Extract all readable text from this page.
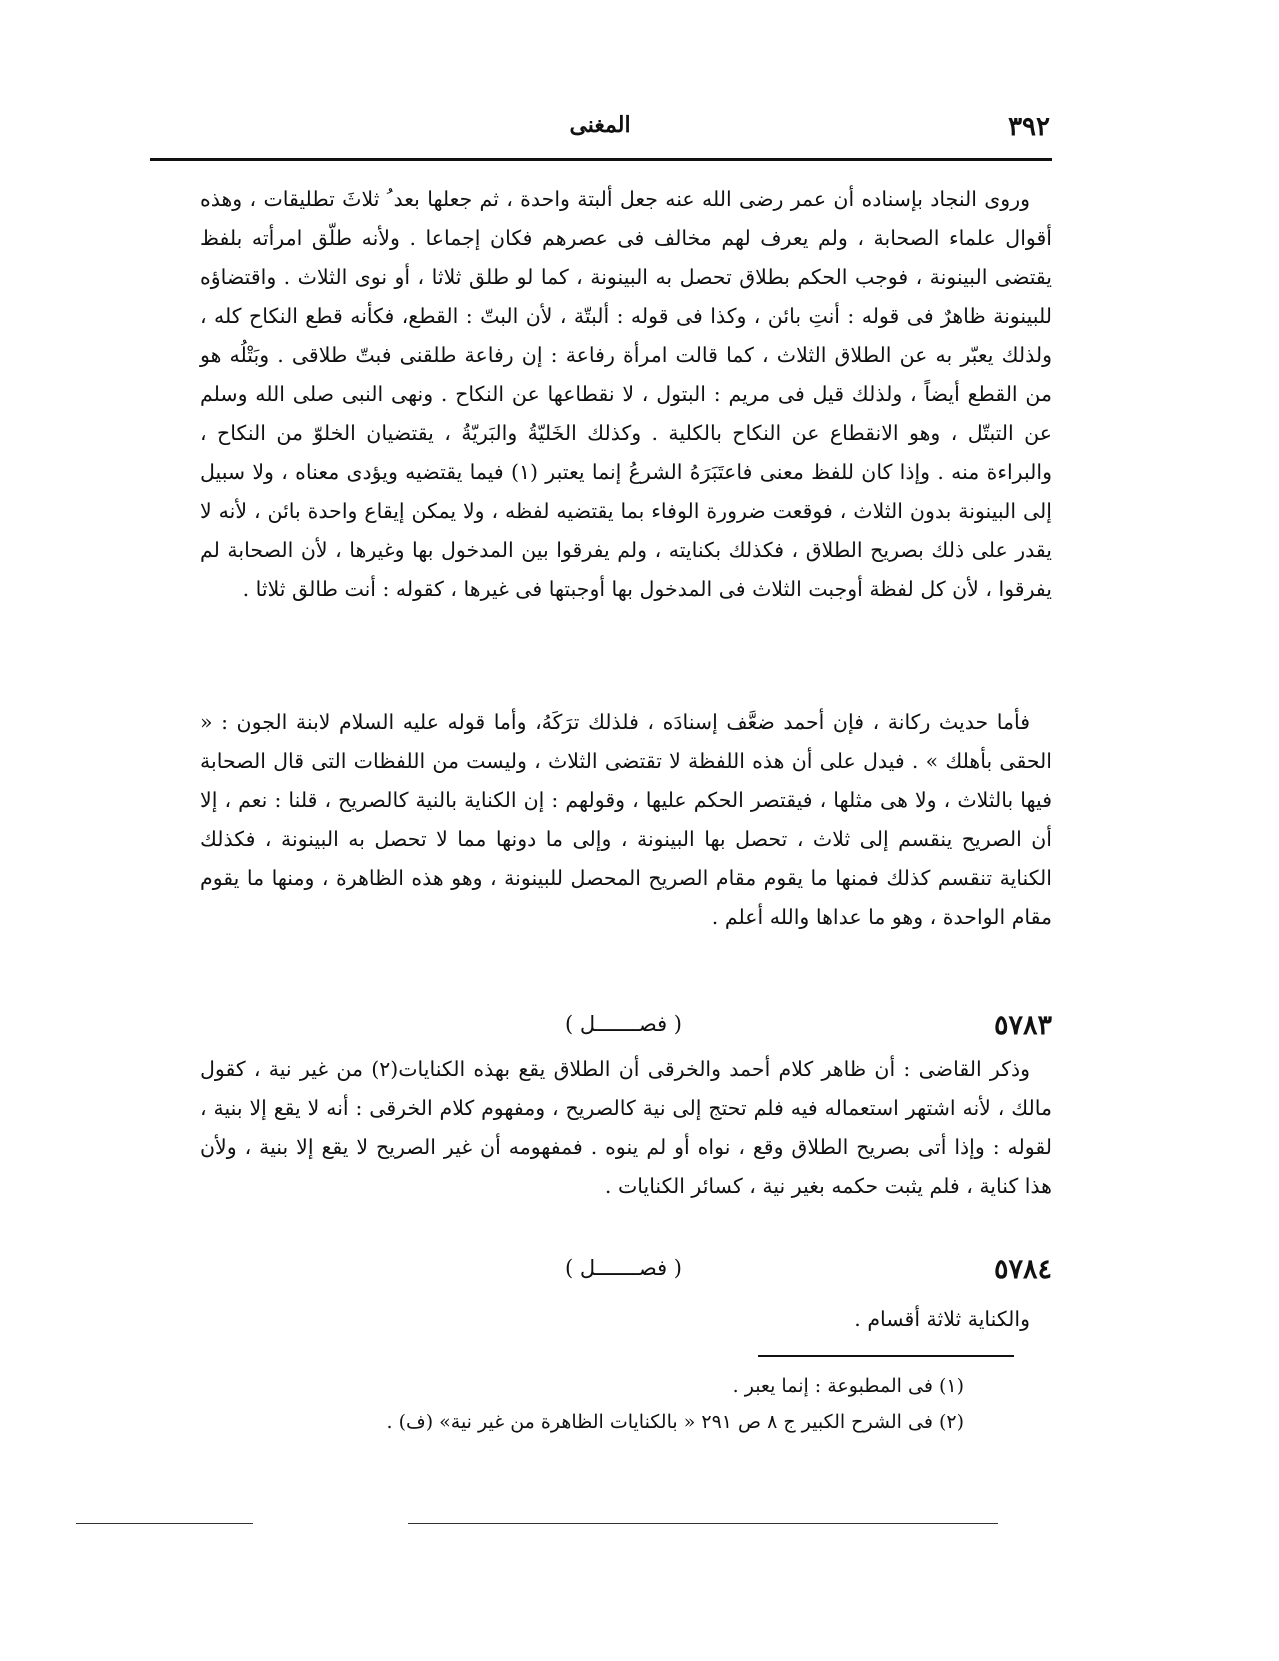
٣٩٢
المغنى

وروى النجاد بإسناده أن عمر رضى الله عنه جعل ألبتة واحدة ، ثم جعلها بعد ُ ثلاثَ تطليقات ، وهذه أقوال علماء الصحابة ، ولم يعرف لهم مخالف فى عصرهم فكان إجماعا . ولأنه طلّق امرأته بلفظ يقتضى البينونة ، فوجب الحكم بطلاق تحصل به البينونة ، كما لو طلق ثلاثا ، أو نوى الثلاث . واقتضاؤه للبينونة ظاهرٌ فى قوله : أنتِ بائن ، وكذا فى قوله : ألبتّة ، لأن البتّ : القطع، فكأنه قطع النكاح كله ، ولذلك يعبّر به عن الطلاق الثلاث ، كما قالت امرأة رفاعة : إن رفاعة طلقنى فبتّ طلاقى . وبَتْلُه هو من القطع أيضاً ، ولذلك قيل فى مريم : البتول ، لا نقطاعها عن النكاح . ونهى النبى صلى الله وسلم عن التبتّل ، وهو الانقطاع عن النكاح بالكلية . وكذلك الخَليّةُ والبَريّةُ ، يقتضيان الخلوّ من النكاح ، والبراءة منه . وإذا كان للفظ معنى فاعتَبَرَهُ الشرعُ إنما يعتبر (١) فيما يقتضيه ويؤدى معناه ، ولا سبيل إلى البينونة بدون الثلاث ، فوقعت ضرورة الوفاء بما يقتضيه لفظه ، ولا يمكن إيقاع واحدة بائن ، لأنه لا يقدر على ذلك بصريح الطلاق ، فكذلك بكنايته ، ولم يفرقوا بين المدخول بها وغيرها ، لأن الصحابة لم يفرقوا ، لأن كل لفظة أوجبت الثلاث فى المدخول بها أوجبتها فى غيرها ، كقوله : أنت طالق ثلاثا .

فأما حديث ركانة ، فإن أحمد ضعَّف إسنادَه ، فلذلك ترَكَهُ، وأما قوله عليه السلام لابنة الجون : « الحقى بأهلك » . فيدل على أن هذه اللفظة لا تقتضى الثلاث ، وليست من اللفظات التى قال الصحابة فيها بالثلاث ، ولا هى مثلها ، فيقتصر الحكم عليها ، وقولهم : إن الكناية بالنية كالصريح ، قلنا : نعم ، إلا أن الصريح ينقسم إلى ثلاث ، تحصل بها البينونة ، وإلى ما دونها مما لا تحصل به البينونة ، فكذلك الكناية تنقسم كذلك فمنها ما يقوم مقام الصريح المحصل للبينونة ، وهو هذه الظاهرة ، ومنها ما يقوم مقام الواحدة ، وهو ما عداها والله أعلم .

٥٧٨٣
( فصـــــــل )

وذكر القاضى : أن ظاهر كلام أحمد والخرقى أن الطلاق يقع بهذه الكنايات(٢) من غير نية ، كقول مالك ، لأنه اشتهر استعماله فيه فلم تحتج إلى نية كالصريح ، ومفهوم كلام الخرقى : أنه لا يقع إلا بنية ، لقوله : وإذا أتى بصريح الطلاق وقع ، نواه أو لم ينوه . فمفهومه أن غير الصريح لا يقع إلا بنية ، ولأن هذا كناية ، فلم يثبت حكمه بغير نية ، كسائر الكنايات .

٥٧٨٤
( فصـــــــل )

والكناية ثلاثة أقسام .

(١) فى المطبوعة : إنما يعبر .

(٢) فى الشرح الكبير ج ٨ ص ٢٩١ « بالكنايات الظاهرة من غير نية» (ف) .
